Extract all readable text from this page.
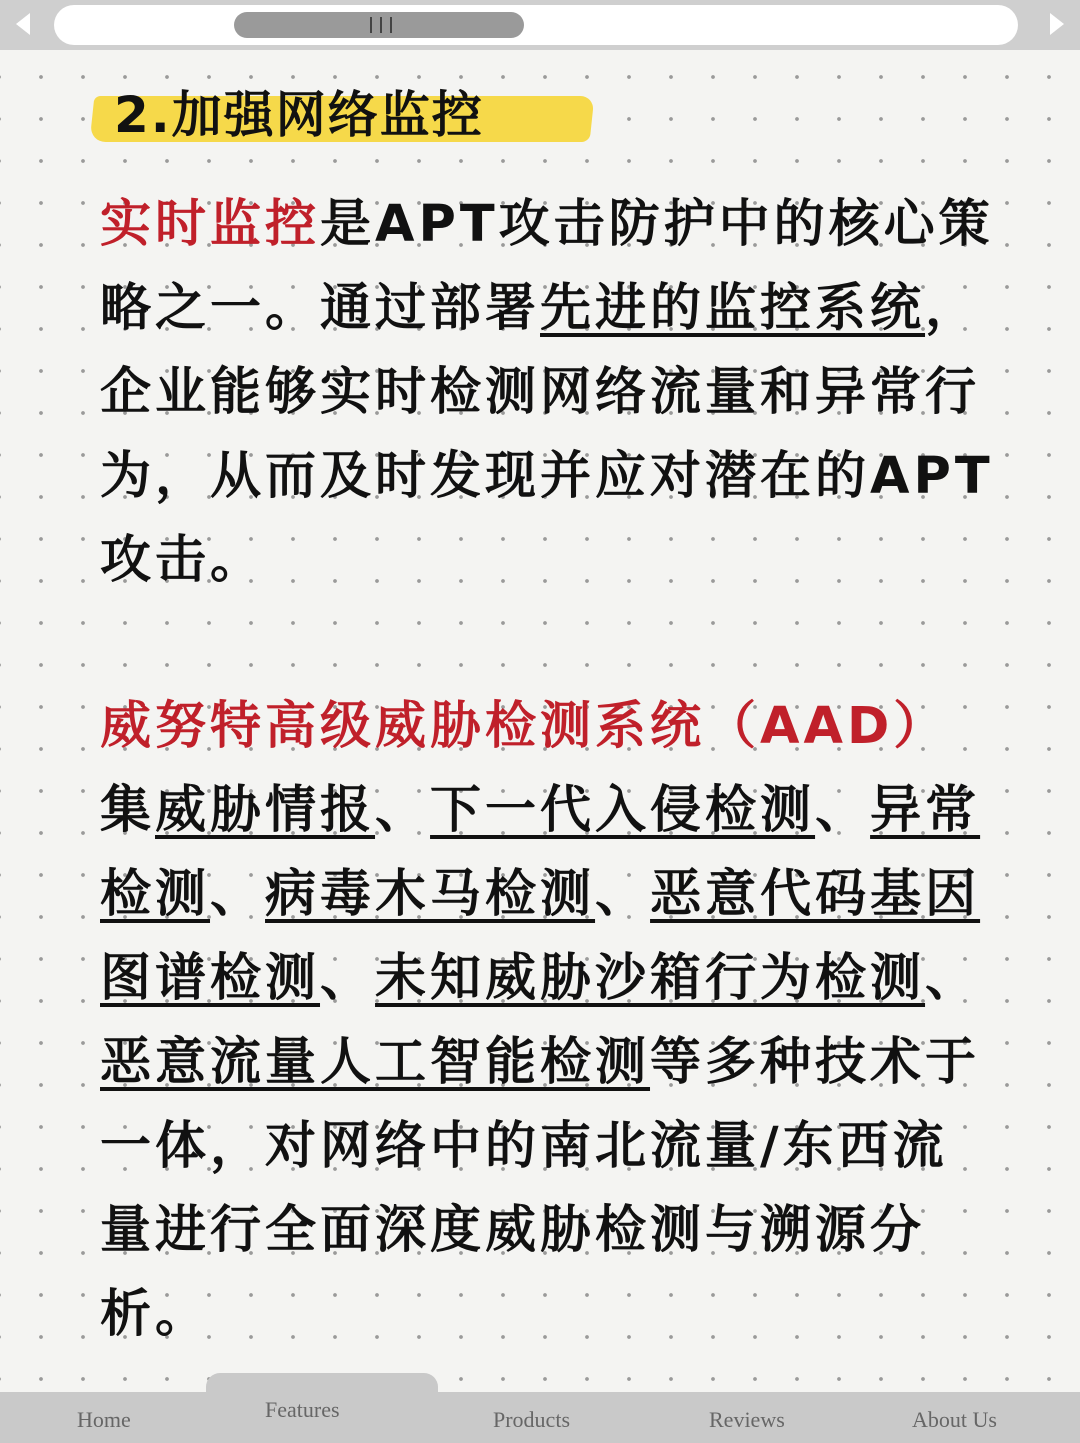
2.加强网络监控
实时监控是APT攻击防护中的核心策略之一。通过部署先进的监控系统，企业能够实时检测网络流量和异常行为，从而及时发现并应对潜在的APT攻击。
威努特高级威胁检测系统（AAD）
集威胁情报、下一代入侵检测、异常检测、病毒木马检测、恶意代码基因图谱检测、未知威胁沙箱行为检测、恶意流量人工智能检测等多种技术于一体，对网络中的南北流量/东西流量进行全面深度威胁检测与溯源分析。
Home	Features	Products	Reviews	About Us
